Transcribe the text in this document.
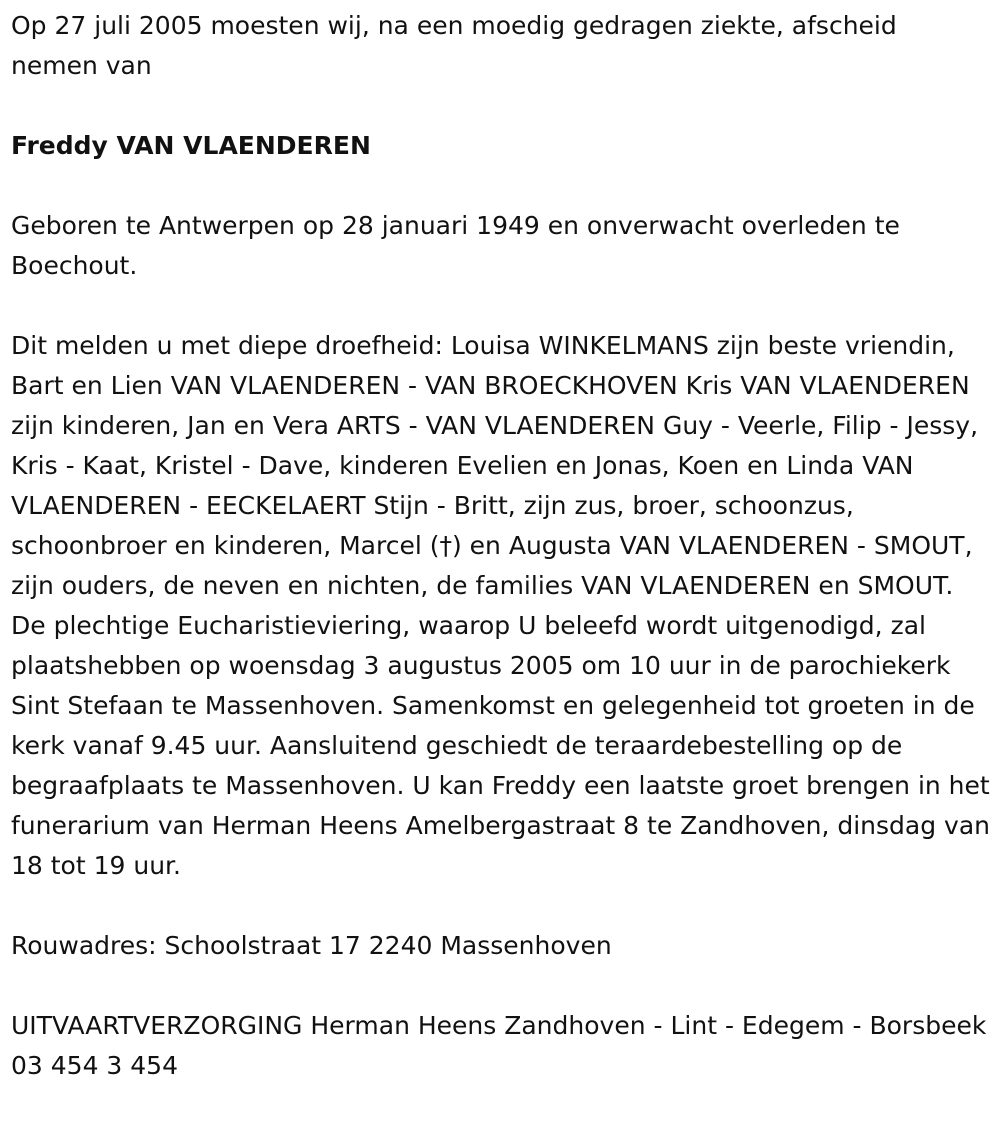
Op 27 juli 2005 moesten wij, na een moedig gedragen ziekte, afscheid nemen van

Freddy VAN VLAENDEREN

Geboren te Antwerpen op 28 januari 1949 en onverwacht overleden te Boechout.

Dit melden u met diepe droefheid: Louisa WINKELMANS zijn beste vriendin, Bart en Lien VAN VLAENDEREN - VAN BROECKHOVEN Kris VAN VLAENDEREN zijn kinderen, Jan en Vera ARTS - VAN VLAENDEREN Guy - Veerle, Filip - Jessy, Kris - Kaat, Kristel - Dave, kinderen Evelien en Jonas, Koen en Linda VAN VLAENDEREN - EECKELAERT Stijn - Britt, zijn zus, broer, schoonzus, schoonbroer en kinderen, Marcel (†) en Augusta VAN VLAENDEREN - SMOUT, zijn ouders, de neven en nichten, de families VAN VLAENDEREN en SMOUT. De plechtige Eucharistieviering, waarop U beleefd wordt uitgenodigd, zal plaatshebben op woensdag 3 augustus 2005 om 10 uur in de parochiekerk Sint Stefaan te Massenhoven. Samenkomst en gelegenheid tot groeten in de kerk vanaf 9.45 uur. Aansluitend geschiedt de teraardebestelling op de begraafplaats te Massenhoven. U kan Freddy een laatste groet brengen in het funerarium van Herman Heens Amelbergastraat 8 te Zandhoven, dinsdag van 18 tot 19 uur.

Rouwadres: Schoolstraat 17 2240 Massenhoven

UITVAARTVERZORGING Herman Heens Zandhoven - Lint - Edegem - Borsbeek 03 454 3 454
